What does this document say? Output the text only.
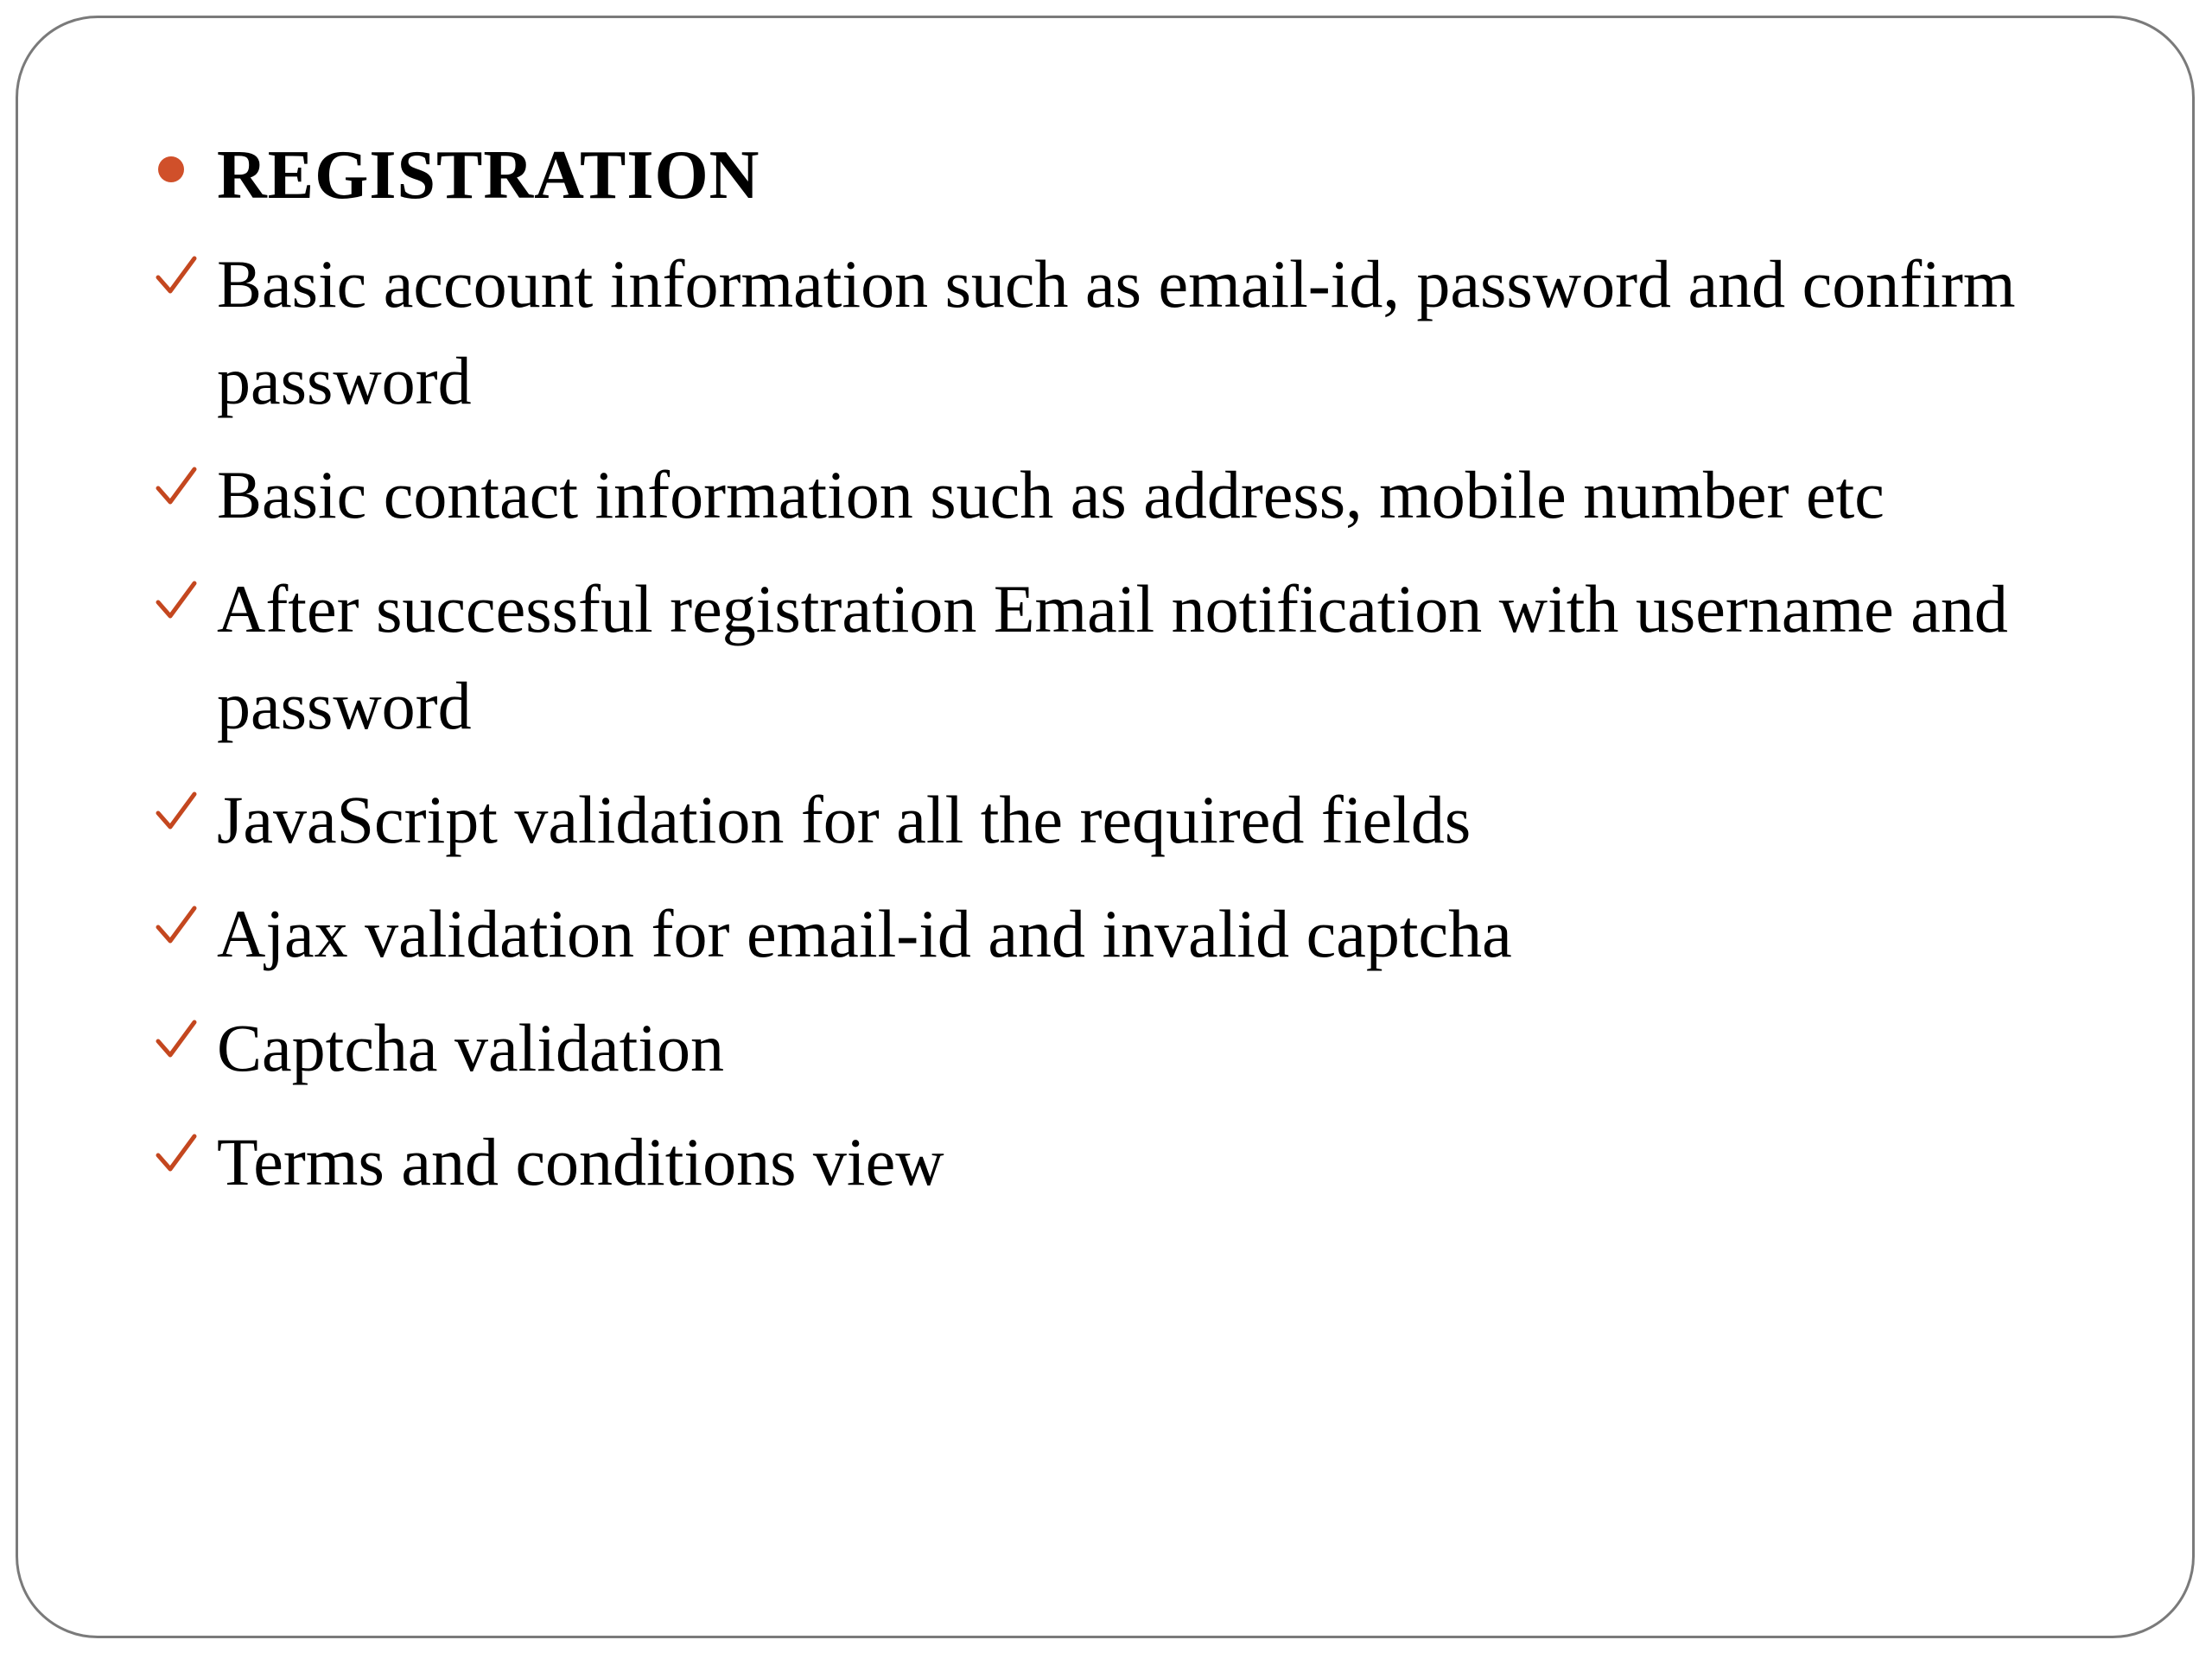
REGISTRATION
Basic account information such as email-id, password and confirm password
Basic contact information such as address, mobile number etc
After successful registration Email notification with username and password
JavaScript validation for all the required fields
Ajax validation for email-id and invalid captcha
Captcha validation
Terms and conditions view
